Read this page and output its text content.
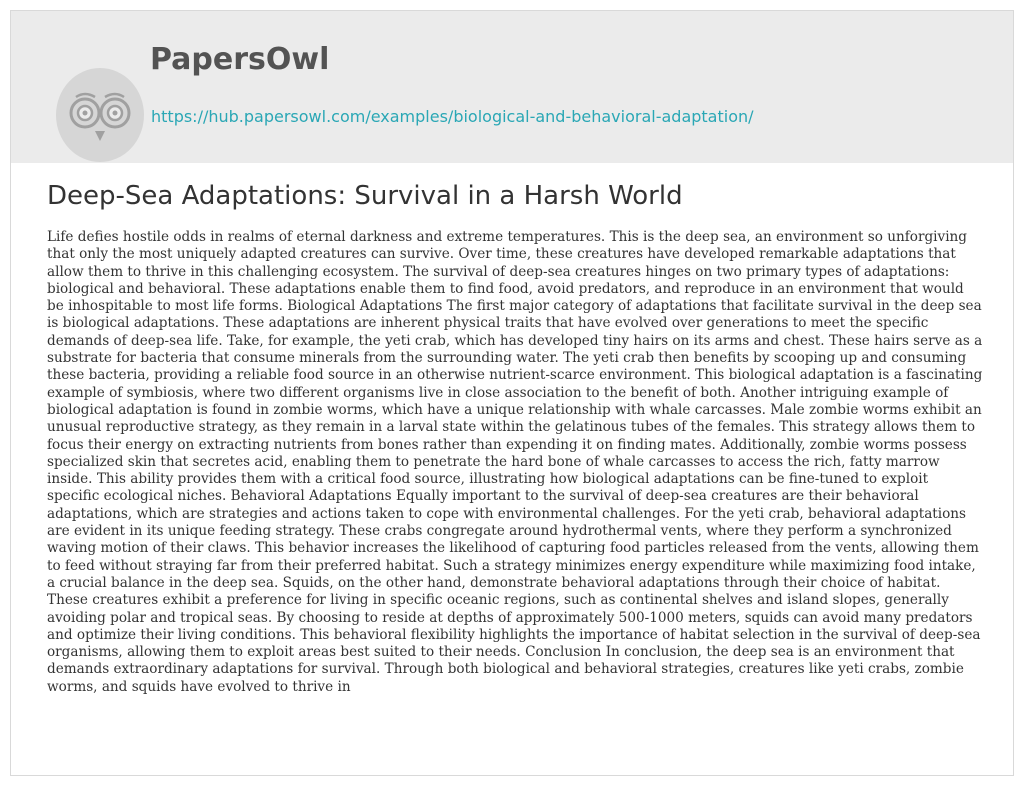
PapersOwl
https://hub.papersowl.com/examples/biological-and-behavioral-adaptation/
Deep-Sea Adaptations: Survival in a Harsh World

Life defies hostile odds in realms of eternal darkness and extreme temperatures. This is the deep sea, an environment so unforgiving that only the most uniquely adapted creatures can survive. Over time, these creatures have developed remarkable adaptations that allow them to thrive in this challenging ecosystem. The survival of deep-sea creatures hinges on two primary types of adaptations: biological and behavioral. These adaptations enable them to find food, avoid predators, and reproduce in an environment that would be inhospitable to most life forms. Biological Adaptations The first major category of adaptations that facilitate survival in the deep sea is biological adaptations. These adaptations are inherent physical traits that have evolved over generations to meet the specific demands of deep-sea life. Take, for example, the yeti crab, which has developed tiny hairs on its arms and chest. These hairs serve as a substrate for bacteria that consume minerals from the surrounding water. The yeti crab then benefits by scooping up and consuming these bacteria, providing a reliable food source in an otherwise nutrient-scarce environment. This biological adaptation is a fascinating example of symbiosis, where two different organisms live in close association to the benefit of both. Another intriguing example of biological adaptation is found in zombie worms, which have a unique relationship with whale carcasses. Male zombie worms exhibit an unusual reproductive strategy, as they remain in a larval state within the gelatinous tubes of the females. This strategy allows them to focus their energy on extracting nutrients from bones rather than expending it on finding mates. Additionally, zombie worms possess specialized skin that secretes acid, enabling them to penetrate the hard bone of whale carcasses to access the rich, fatty marrow inside. This ability provides them with a critical food source, illustrating how biological adaptations can be fine-tuned to exploit specific ecological niches. Behavioral Adaptations Equally important to the survival of deep-sea creatures are their behavioral adaptations, which are strategies and actions taken to cope with environmental challenges. For the yeti crab, behavioral adaptations are evident in its unique feeding strategy. These crabs congregate around hydrothermal vents, where they perform a synchronized waving motion of their claws. This behavior increases the likelihood of capturing food particles released from the vents, allowing them to feed without straying far from their preferred habitat. Such a strategy minimizes energy expenditure while maximizing food intake, a crucial balance in the deep sea. Squids, on the other hand, demonstrate behavioral adaptations through their choice of habitat. These creatures exhibit a preference for living in specific oceanic regions, such as continental shelves and island slopes, generally avoiding polar and tropical seas. By choosing to reside at depths of approximately 500-1000 meters, squids can avoid many predators and optimize their living conditions. This behavioral flexibility highlights the importance of habitat selection in the survival of deep-sea organisms, allowing them to exploit areas best suited to their needs. Conclusion In conclusion, the deep sea is an environment that demands extraordinary adaptations for survival. Through both biological and behavioral strategies, creatures like yeti crabs, zombie worms, and squids have evolved to thrive in
